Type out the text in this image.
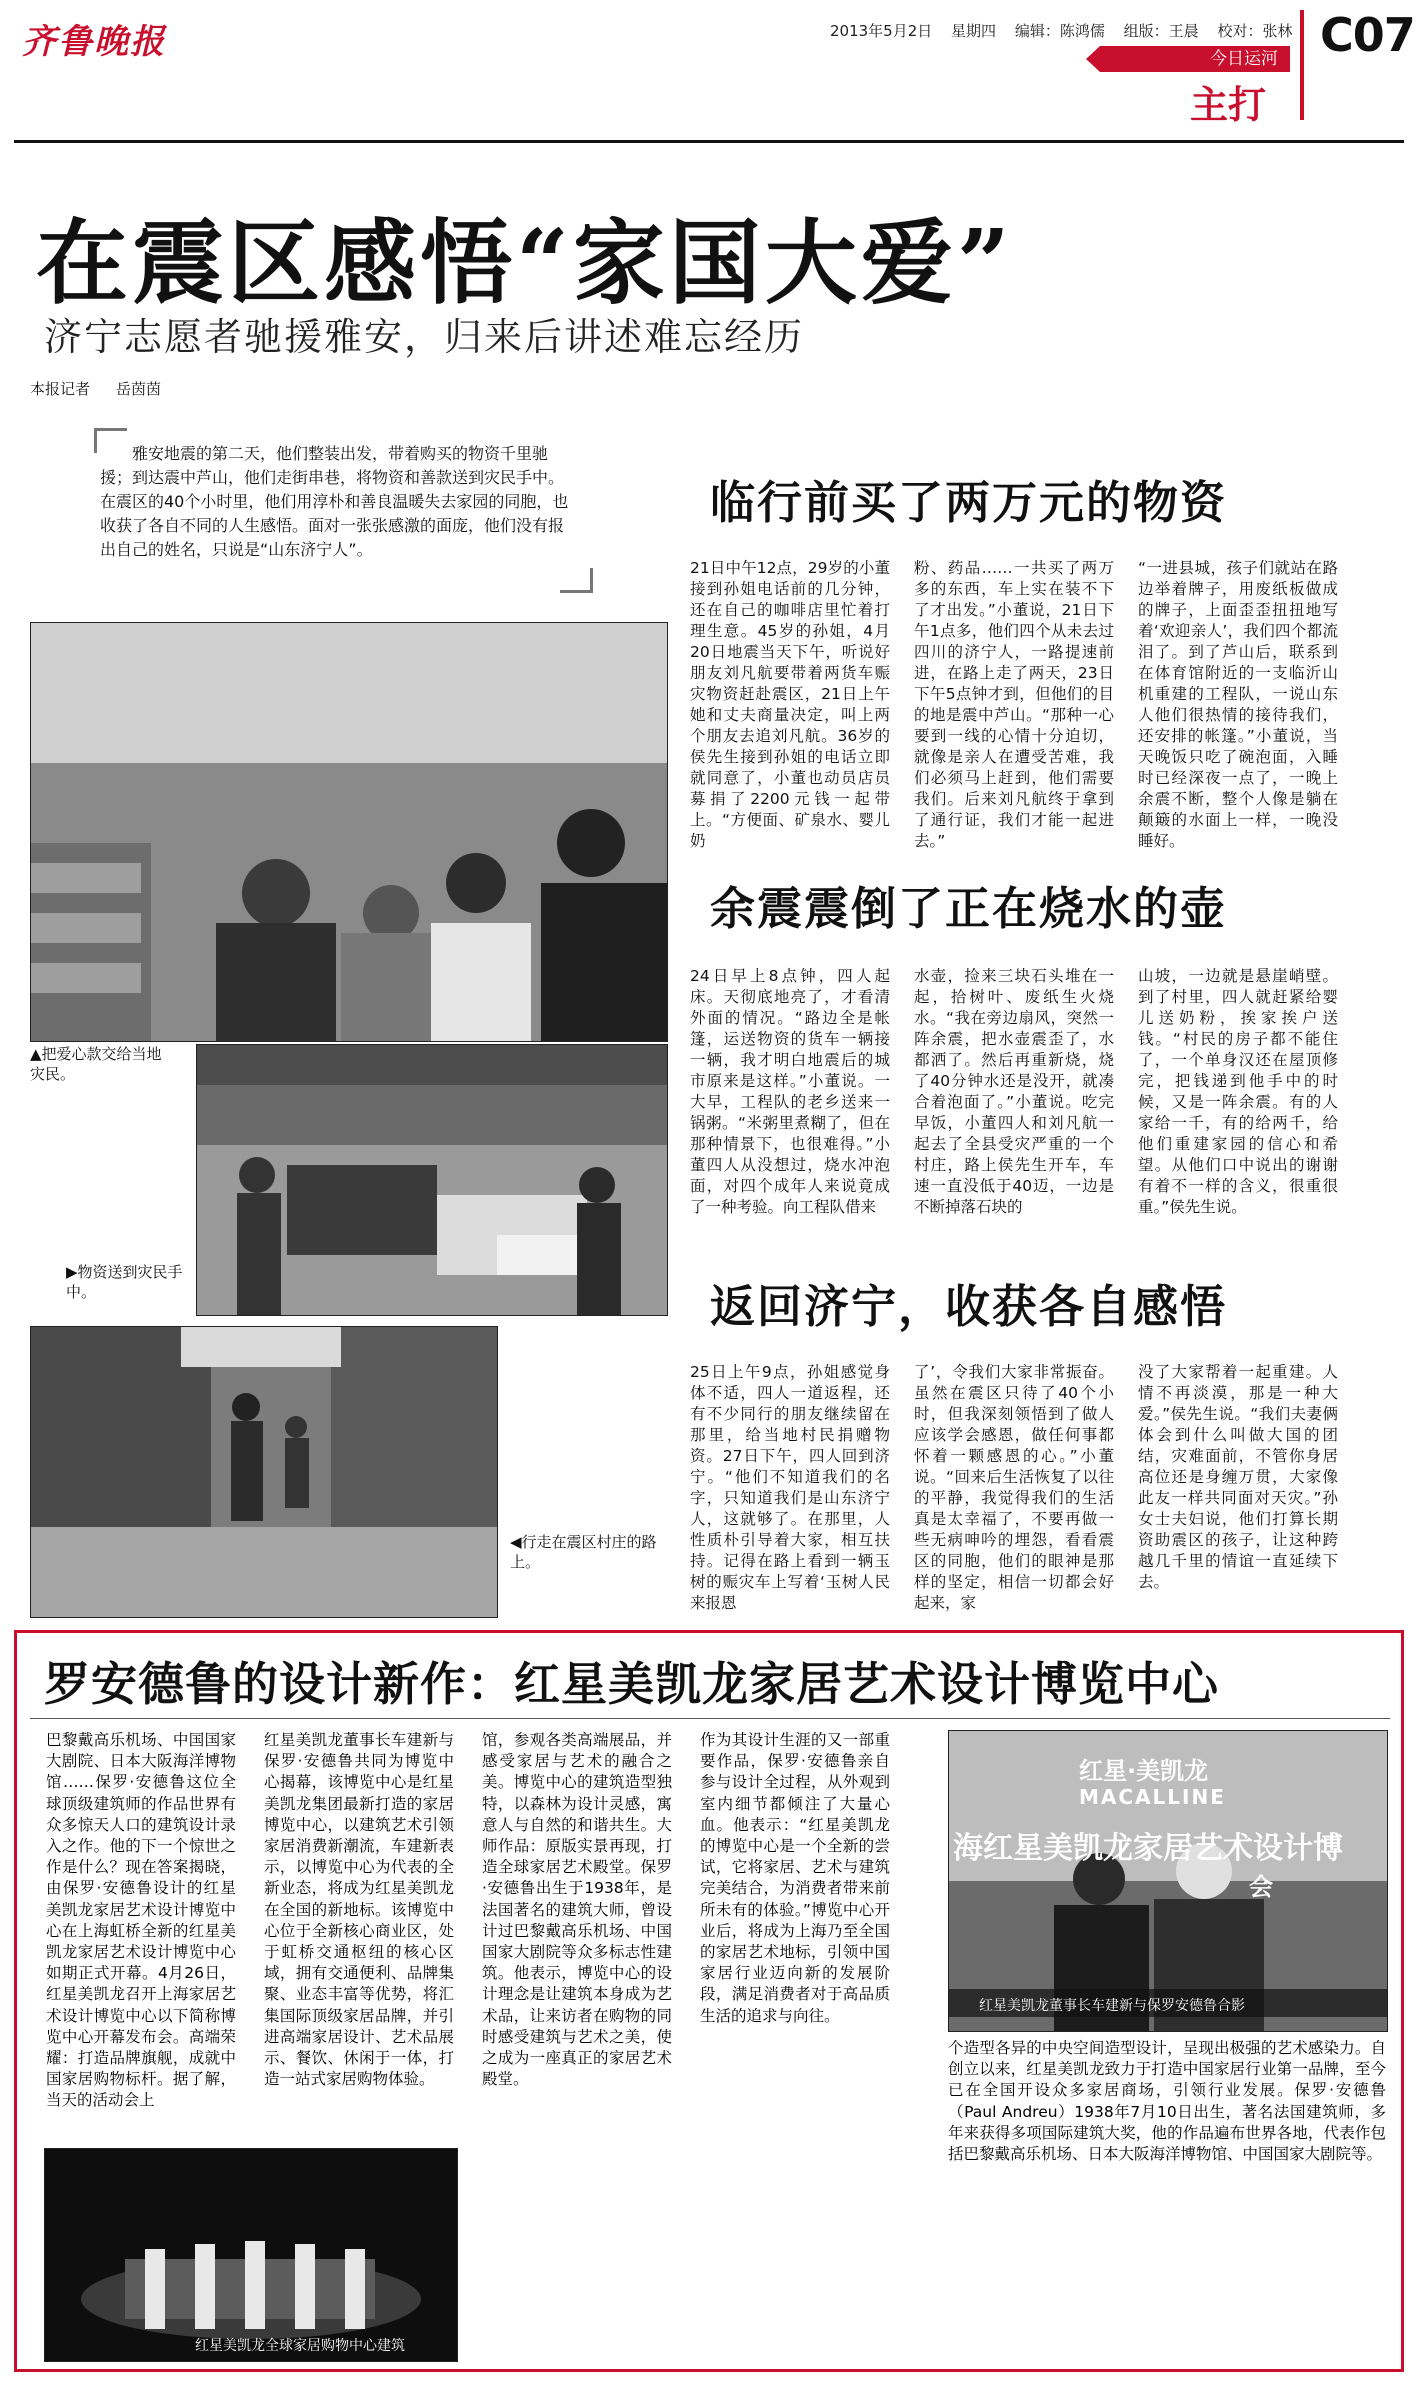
齐鲁晚报	2013年5月2日 星期四 编辑：陈鸿儒 组版：王晨 校对：张林 C07
今日运河
主打
在震区感悟“家国大爱”
济宁志愿者驰援雅安，归来后讲述难忘经历
本报记者 岳茵茵
雅安地震的第二天，他们整装出发，带着购买的物资千里驰援；到达震中芦山，他们走街串巷，将物资和善款送到灾民手中。在震区的40个小时里，他们用淳朴和善良温暖失去家园的同胞，也收获了各自不同的人生感悟。面对一张张感激的面庞，他们没有报出自己的姓名，只说是“山东济宁人”。
▲把爱心款交给当地灾民。
▶物资送到灾民手中。
◀行走在震区村庄的路上。
临行前买了两万元的物资
21日中午12点，29岁的小董接到孙姐电话前的几分钟，还在自己的咖啡店里忙着打理生意。45岁的孙姐，4月20日地震当天下午，听说好朋友刘凡航要带着两货车赈灾物资赶赴震区，21日上午她和丈夫商量决定，叫上两个朋友去追刘凡航。36岁的侯先生接到孙姐的电话立即就同意了，小董也动员店员募捐了2200元钱一起带上。“方便面、矿泉水、婴儿奶
粉、药品……一共买了两万多的东西，车上实在装不下了才出发。”小董说，21日下午1点多，他们四个从未去过四川的济宁人，一路提速前进，在路上走了两天，23日下午5点钟才到，但他们的目的地是震中芦山。“那种一心要到一线的心情十分迫切，就像是亲人在遭受苦难，我们必须马上赶到，他们需要我们。后来刘凡航终于拿到了通行证，我们才能一起进去。”
“一进县城，孩子们就站在路边举着牌子，用废纸板做成的牌子，上面歪歪扭扭地写着‘欢迎亲人’，我们四个都流泪了。到了芦山后，联系到在体育馆附近的一支临沂山机重建的工程队，一说山东人他们很热情的接待我们，还安排的帐篷。”小董说，当天晚饭只吃了碗泡面，入睡时已经深夜一点了，一晚上余震不断，整个人像是躺在颠簸的水面上一样，一晚没睡好。
余震震倒了正在烧水的壶
24日早上8点钟，四人起床。天彻底地亮了，才看清外面的情况。“路边全是帐篷，运送物资的货车一辆接一辆，我才明白地震后的城市原来是这样。”小董说。一大早，工程队的老乡送来一锅粥。“米粥里煮糊了，但在那种情景下，也很难得。”小董四人从没想过，烧水冲泡面，对四个成年人来说竟成了一种考验。向工程队借来
水壶，捡来三块石头堆在一起，拾树叶、废纸生火烧水。“我在旁边扇风，突然一阵余震，把水壶震歪了，水都洒了。然后再重新烧，烧了40分钟水还是没开，就凑合着泡面了。”小董说。吃完早饭，小董四人和刘凡航一起去了全县受灾严重的一个村庄，路上侯先生开车，车速一直没低于40迈，一边是不断掉落石块的
山坡，一边就是悬崖峭壁。到了村里，四人就赶紧给婴儿送奶粉，挨家挨户送钱。“村民的房子都不能住了，一个单身汉还在屋顶修完，把钱递到他手中的时候，又是一阵余震。有的人家给一千，有的给两千，给他们重建家园的信心和希望。从他们口中说出的谢谢有着不一样的含义，很重很重。”侯先生说。
返回济宁，收获各自感悟
25日上午9点，孙姐感觉身体不适，四人一道返程，还有不少同行的朋友继续留在那里，给当地村民捐赠物资。27日下午，四人回到济宁。“他们不知道我们的名字，只知道我们是山东济宁人，这就够了。在那里，人性质朴引导着大家，相互扶持。记得在路上看到一辆玉树的赈灾车上写着‘玉树人民来报恩
了’，令我们大家非常振奋。虽然在震区只待了40个小时，但我深刻领悟到了做人应该学会感恩，做任何事都怀着一颗感恩的心。”小董说。“回来后生活恢复了以往的平静，我觉得我们的生活真是太幸福了，不要再做一些无病呻吟的埋怨，看看震区的同胞，他们的眼神是那样的坚定，相信一切都会好起来，家
没了大家帮着一起重建。人情不再淡漠，那是一种大爱。”侯先生说。“我们夫妻俩体会到什么叫做大国的团结，灾难面前，不管你身居高位还是身缠万贯，大家像此友一样共同面对天灾。”孙女士夫妇说，他们打算长期资助震区的孩子，让这种跨越几千里的情谊一直延续下去。
罗安德鲁的设计新作：红星美凯龙家居艺术设计博览中心
巴黎戴高乐机场、中国国家大剧院、日本大阪海洋博物馆……保罗·安德鲁这位全球顶级建筑师的作品世界有众多惊天人口的建筑设计录入之作。他的下一个惊世之作是什么？现在答案揭晓，由保罗·安德鲁设计的红星美凯龙家居艺术设计博览中心在上海虹桥全新的红星美凯龙家居艺术设计博览中心如期正式开幕。4月26日，红星美凯龙召开上海家居艺术设计博览中心以下简称博览中心开幕发布会。高端荣耀：打造品牌旗舰，成就中国家居购物标杆。据了解，当天的活动会上
红星美凯龙董事长车建新与保罗·安德鲁共同为博览中心揭幕，该博览中心是红星美凯龙集团最新打造的家居博览中心，以建筑艺术引领家居消费新潮流，车建新表示，以博览中心为代表的全新业态，将成为红星美凯龙在全国的新地标。该博览中心位于全新核心商业区，处于虹桥交通枢纽的核心区域，拥有交通便利、品牌集聚、业态丰富等优势，将汇集国际顶级家居品牌，并引进高端家居设计、艺术品展示、餐饮、休闲于一体，打造一站式家居购物体验。
馆，参观各类高端展品，并感受家居与艺术的融合之美。博览中心的建筑造型独特，以森林为设计灵感，寓意人与自然的和谐共生。大师作品：原版实景再现，打造全球家居艺术殿堂。保罗·安德鲁出生于1938年，是法国著名的建筑大师，曾设计过巴黎戴高乐机场、中国国家大剧院等众多标志性建筑。他表示，博览中心的设计理念是让建筑本身成为艺术品，让来访者在购物的同时感受建筑与艺术之美，使之成为一座真正的家居艺术殿堂。
作为其设计生涯的又一部重要作品，保罗·安德鲁亲自参与设计全过程，从外观到室内细节都倾注了大量心血。他表示：“红星美凯龙的博览中心是一个全新的尝试，它将家居、艺术与建筑完美结合，为消费者带来前所未有的体验。”博览中心开业后，将成为上海乃至全国的家居艺术地标，引领中国家居行业迈向新的发展阶段，满足消费者对于高品质生活的追求与向往。
个造型各异的中央空间造型设计，呈现出极强的艺术感染力。自创立以来，红星美凯龙致力于打造中国家居行业第一品牌，至今已在全国开设众多家居商场，引领行业发展。保罗·安德鲁（Paul Andreu）1938年7月10日出生，著名法国建筑师，多年来获得多项国际建筑大奖，他的作品遍布世界各地，代表作包括巴黎戴高乐机场、日本大阪海洋博物馆、中国国家大剧院等。
红星美凯龙全球家居购物中心建筑
红星·美凯龙
MACALLINE
海红星美凯龙家居艺术设计博
会
红星美凯龙董事长车建新与保罗安德鲁合影
